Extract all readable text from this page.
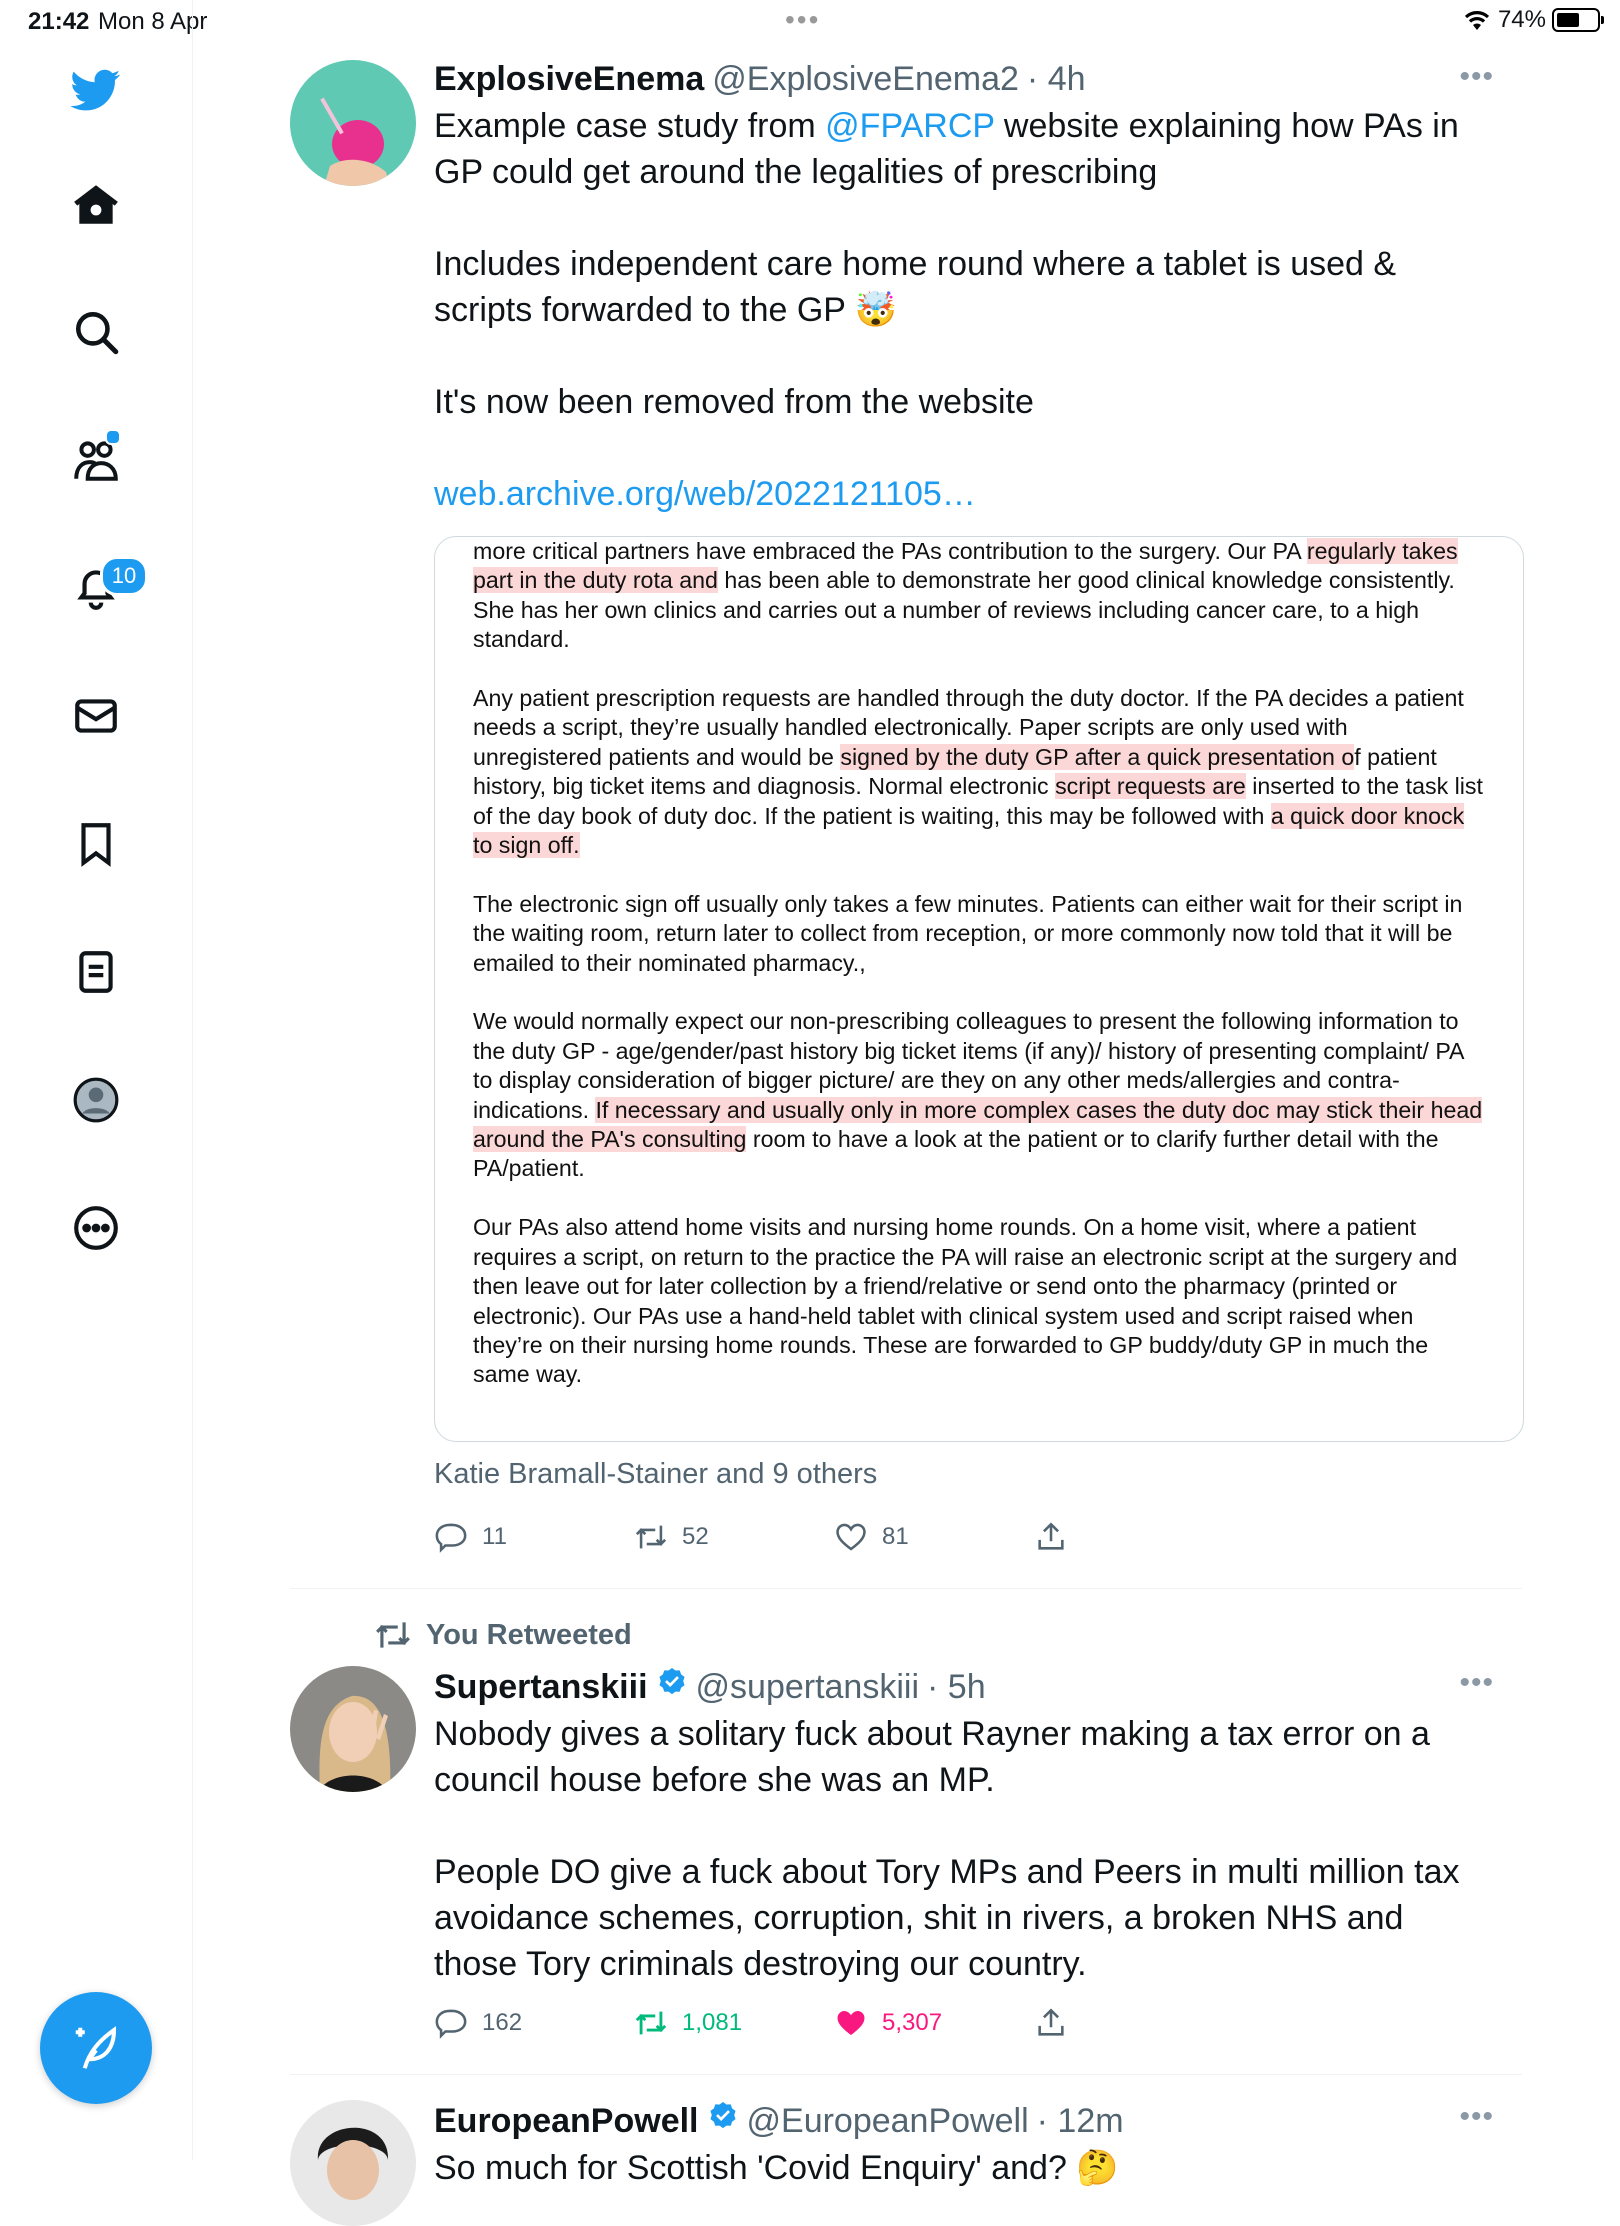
21:42 Mon 8 Apr	•••	74%
10
ExplosiveEnema @ExplosiveEnema2 · 4h	•••

Example case study from @FPARCP website explaining how PAs in GP could get around the legalities of prescribing

Includes independent care home round where a tablet is used & scripts forwarded to the GP 🤯

It's now been removed from the website

web.archive.org/web/2022121105…

more critical partners have embraced the PAs contribution to the surgery. Our PA regularly takes part in the duty rota and has been able to demonstrate her good clinical knowledge consistently. She has her own clinics and carries out a number of reviews including cancer care, to a high standard.

Any patient prescription requests are handled through the duty doctor. If the PA decides a patient needs a script, they’re usually handled electronically. Paper scripts are only used with unregistered patients and would be signed by the duty GP after a quick presentation of patient history, big ticket items and diagnosis. Normal electronic script requests are inserted to the task list of the day book of duty doc. If the patient is waiting, this may be followed with a quick door knock to sign off.

The electronic sign off usually only takes a few minutes. Patients can either wait for their script in the waiting room, return later to collect from reception, or more commonly now told that it will be emailed to their nominated pharmacy.,

We would normally expect our non-prescribing colleagues to present the following information to the duty GP - age/gender/past history big ticket items (if any)/ history of presenting complaint/ PA to display consideration of bigger picture/ are they on any other meds/allergies and contra-indications. If necessary and usually only in more complex cases the duty doc may stick their head around the PA's consulting room to have a look at the patient or to clarify further detail with the PA/patient.

Our PAs also attend home visits and nursing home rounds. On a home visit, where a patient
requires a script, on return to the practice the PA will raise an electronic script at the surgery and then leave out for later collection by a friend/relative or send onto the pharmacy (printed or electronic). Our PAs use a hand-held tablet with clinical system used and script raised when they’re on their nursing home rounds. These are forwarded to GP buddy/duty GP in much the same way.

Katie Bramall-Stainer and 9 others
11	52	81
You Retweeted
Supertanskiii @supertanskiii · 5h	•••

Nobody gives a solitary fuck about Rayner making a tax error on a council house before she was an MP.

People DO give a fuck about Tory MPs and Peers in multi million tax avoidance schemes, corruption, shit in rivers, a broken NHS and those Tory criminals destroying our country.

162	1,081	5,307
EuropeanPowell @EuropeanPowell · 12m	•••
So much for Scottish 'Covid Enquiry' and? 🤔
